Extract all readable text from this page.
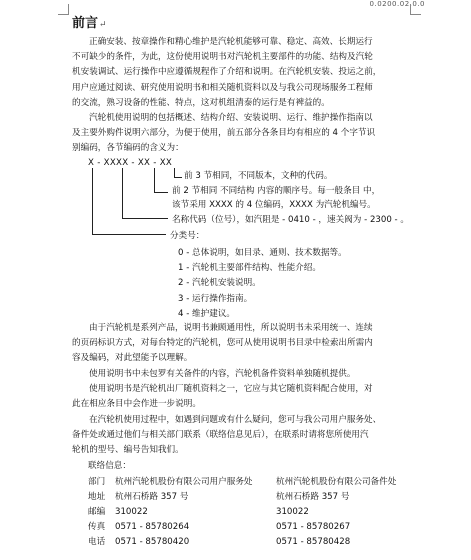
0.0200.02.0.0
前言↵

正确安装、按章操作和精心维护是汽轮机能够可靠、稳定、高效、长期运行

不可缺少的条件，为此，这份使用说明书对汽轮机主要部件的功能、结构及汽轮

机安装调试、运行操作中应遵循规程作了介绍和说明。在汽轮机安装、投运之前，

用户应通过阅读、研究使用说明书和相关随机资料以及与我公司现场服务工程师

的交流，熟习设备的性能、特点，这对机组清泰的运行是有裨益的。

汽轮机使用说明的包括概述、结构介绍、安装说明、运行、维护操作指南以

及主要外购件说明六部分，为便于使用，前五部分各条目均有相应的 4 个字节识

别编码，各节编码的含义为：

X - XXXX - XX - XX
前 3 节相同，不同版本，文种的代码。
前 2 节相同 不同结构 内容的顺序号。每一般条目 中，
该节采用 XXXX 的 4 位编码，XXXX 为汽轮机编号。
名称代码（位号），如汽阻是 - 0410 - ，速关阀为 - 2300 - 。
分类号：

0 - 总体说明，如目录、通则、技术数据等。

1 - 汽轮机主要部件结构、性能介绍。

2 - 汽轮机安装说明。

3 - 运行操作指南。

4 - 维护建议。

由于汽轮机是系列产品，说明书兼顾通用性，所以说明书未采用统一、连续

的页码标识方式，对每台特定的汽轮机，您可从使用说明书目录中检索出所需内

容及编码，对此望能予以理解。

使用说明书中未包罗有关备件的内容，汽轮机备件资料单独随机提供。

使用说明书是汽轮机出厂随机资料之一，它应与其它随机资料配合使用，对

此在相应条目中会作进一步说明。

在汽轮机使用过程中，如遇到问题或有什么疑问，您可与我公司用户服务处、

备件处或通过他们与相关部门联系（联络信息见后），在联系时请将您所使用汽

轮机的型号、编号告知我们。

联络信息：
部门 杭州汽轮机股份有限公司用户服务处	杭州汽轮机股份有限公司备件处
地址 杭州石桥路 357 号	杭州石桥路 357 号
邮编 310022	310022
传真 0571 - 85780264	0571 - 85780267
电话 0571 - 85780420	0571 - 85780428
